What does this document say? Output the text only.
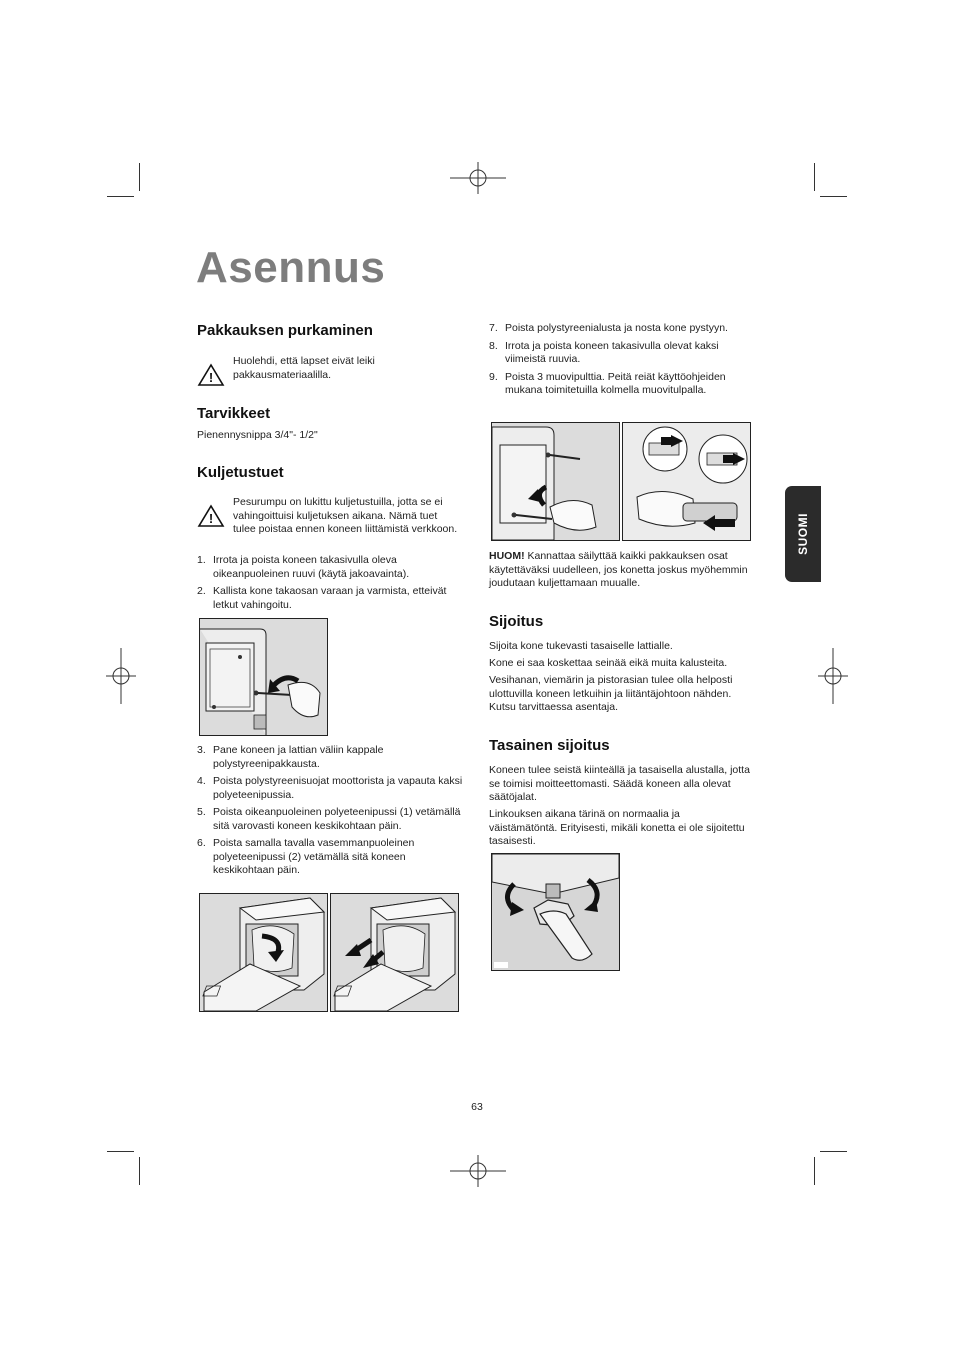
Asennus
SUOMI
Pakkauksen purkaminen
!
Huolehdi, että lapset eivät leiki pakkausmateriaalilla.
Tarvikkeet

Pienennysnippa 3/4"- 1/2"

Kuljetustuet
!
Pesurumpu on lukittu kuljetustuilla, jotta se ei vahingoittuisi kuljetuksen aikana. Nämä tuet tulee poistaa ennen koneen liittämistä verkkoon.
1. Irrota ja poista koneen takasivulla oleva oikeanpuoleinen ruuvi (käytä jakoavainta).
2. Kallista kone takaosan varaan ja varmista, etteivät letkut vahingoitu.
3. Pane koneen ja lattian väliin kappale polystyreenipakkausta.
4. Poista polystyreenisuojat moottorista ja vapauta kaksi polyeteenipussia.
5. Poista oikeanpuoleinen polyeteenipussi (1) vetämällä sitä varovasti koneen keskikohtaan päin.
6. Poista samalla tavalla vasemmanpuoleinen polyeteenipussi (2) vetämällä sitä koneen keskikohtaan päin.
7. Poista polystyreenialusta ja nosta kone pystyyn.
8. Irrota ja poista koneen takasivulla olevat kaksi viimeistä ruuvia.
9. Poista 3 muovipulttia. Peitä reiät käyttöohjeiden mukana toimitetuilla kolmella muovitulpalla.

HUOM! Kannattaa säilyttää kaikki pakkauksen osat käytettäväksi uudelleen, jos konetta joskus myöhemmin joudutaan kuljettamaan muualle.

Sijoitus

Sijoita kone tukevasti tasaiselle lattialle.

Kone ei saa koskettaa seinää eikä muita kalusteita.

Vesihanan, viemärin ja pistorasian tulee olla helposti ulottuvilla koneen letkuihin ja liitäntäjohtoon nähden. Kutsu tarvittaessa asentaja.

Tasainen sijoitus

Koneen tulee seistä kiinteällä ja tasaisella alustalla, jotta se toimisi moitteettomasti. Säädä koneen alla olevat säätöjalat.

Linkouksen aikana tärinä on normaalia ja väistämätöntä. Erityisesti, mikäli konetta ei ole sijoitettu tasaisesti.

63
